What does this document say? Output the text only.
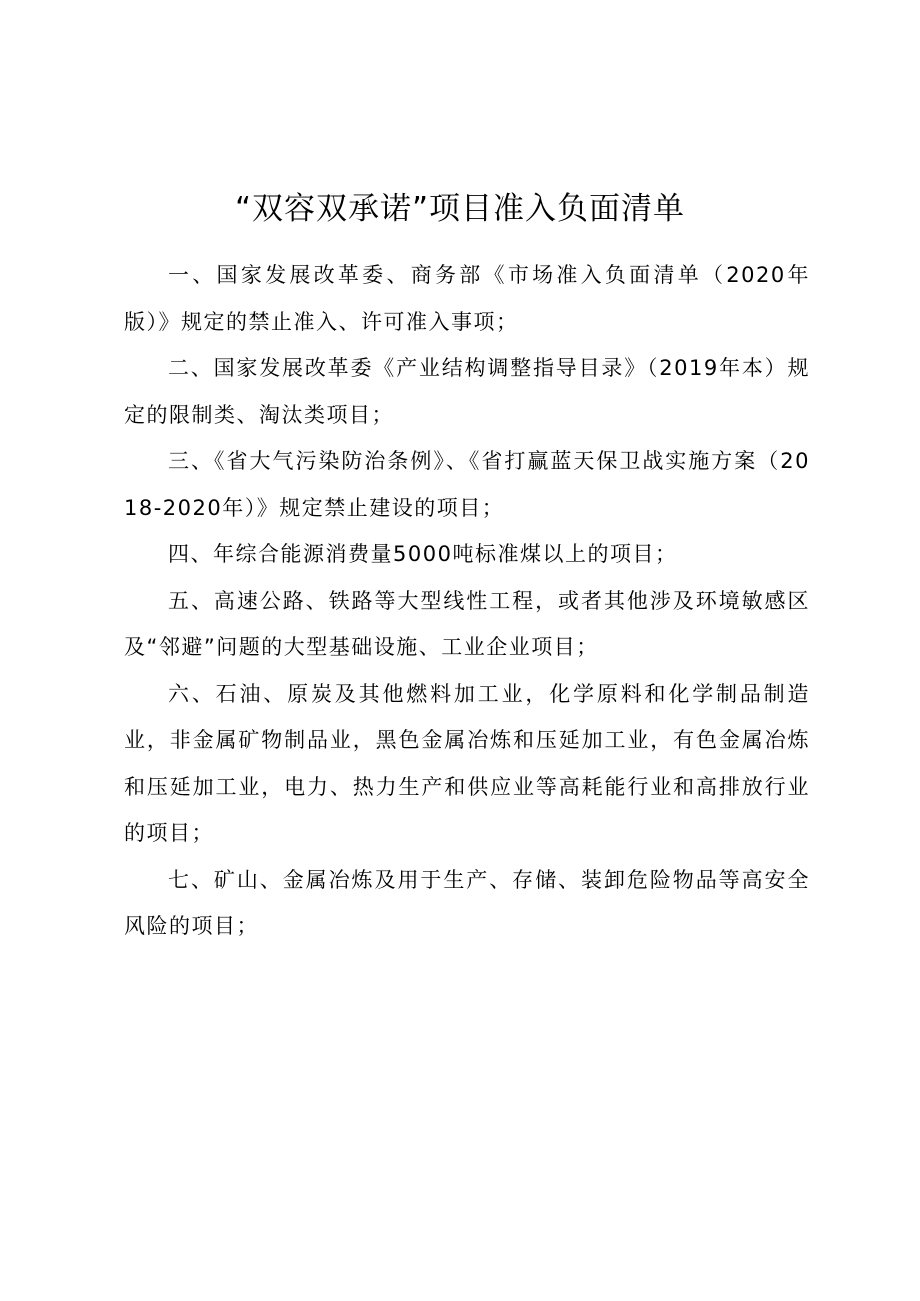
“双容双承诺”项目准入负面清单

一、国家发展改革委、商务部《市场准入负面清单（2020年版）》规定的禁止准入、许可准入事项；

二、国家发展改革委《产业结构调整指导目录》（2019年本）规定的限制类、淘汰类项目；

三、《省大气污染防治条例》、《省打赢蓝天保卫战实施方案（2018-2020年）》规定禁止建设的项目；

四、年综合能源消费量5000吨标准煤以上的项目；

五、高速公路、铁路等大型线性工程，或者其他涉及环境敏感区及“邻避”问题的大型基础设施、工业企业项目；

六、石油、原炭及其他燃料加工业，化学原料和化学制品制造业，非金属矿物制品业，黑色金属冶炼和压延加工业，有色金属冶炼和压延加工业，电力、热力生产和供应业等高耗能行业和高排放行业的项目；

七、矿山、金属冶炼及用于生产、存储、装卸危险物品等高安全风险的项目；
